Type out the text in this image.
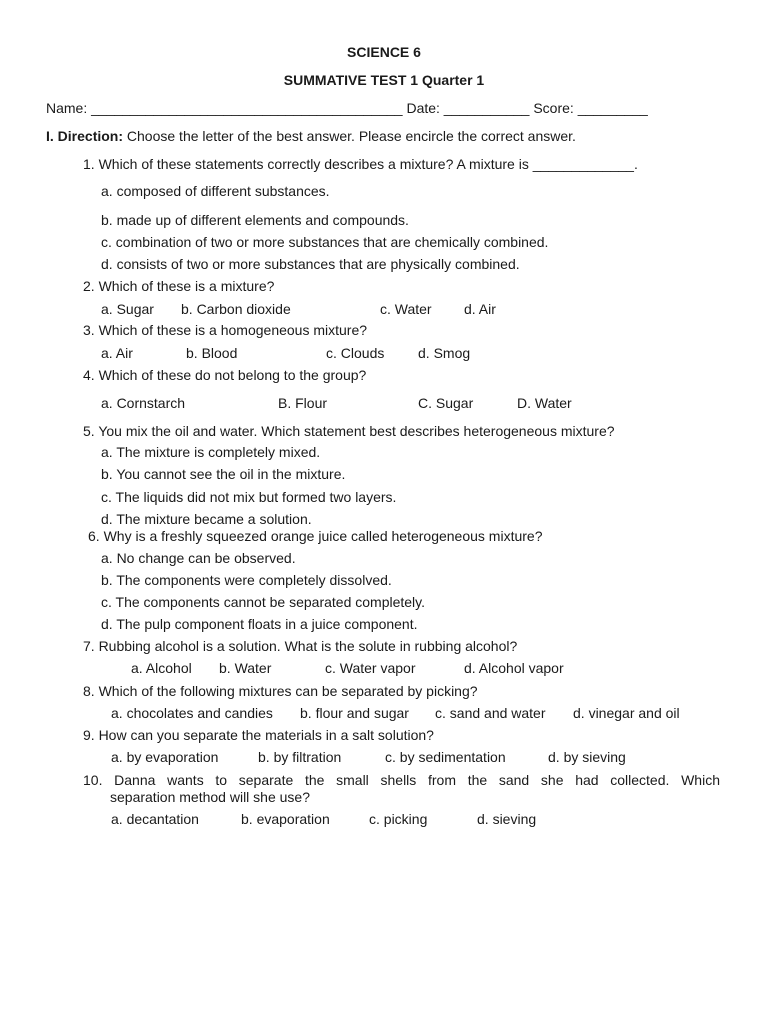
SCIENCE 6
SUMMATIVE TEST 1 Quarter 1
Name: ________________________________________ Date: ___________ Score: _________
I. Direction: Choose the letter of the best answer. Please encircle the correct answer.
1. Which of these statements correctly describes a mixture? A mixture is _____________.
a. composed of different substances.
b. made up of different elements and compounds.
c. combination of two or more substances that are chemically combined.
d. consists of two or more substances that are physically combined.
2. Which of these is a mixture?
a. Sugar b. Carbon dioxide	c. Water d. Air
3. Which of these is a homogeneous mixture?
a. Air	b. Blood	c. Clouds d. Smog
4. Which of these do not belong to the group?
a. Cornstarch	B. Flour	C. Sugar	D. Water
5. You mix the oil and water. Which statement best describes heterogeneous mixture?
a. The mixture is completely mixed.
b. You cannot see the oil in the mixture.
c. The liquids did not mix but formed two layers.
d. The mixture became a solution.
6. Why is a freshly squeezed orange juice called heterogeneous mixture?
a. No change can be observed.
b. The components were completely dissolved.
c. The components cannot be separated completely.
d. The pulp component floats in a juice component.
7. Rubbing alcohol is a solution. What is the solute in rubbing alcohol?
a. Alcohol b. Water	c. Water vapor	d. Alcohol vapor
8. Which of the following mixtures can be separated by picking?
a. chocolates and candies b. flour and sugar c. sand and water d. vinegar and oil
9. How can you separate the materials in a salt solution?
a. by evaporation	b. by filtration	c. by sedimentation	d. by sieving
10. Danna wants to separate the small shells from the sand she had collected. Which
separation method will she use?
a. decantation	b. evaporation	c. picking	d. sieving
